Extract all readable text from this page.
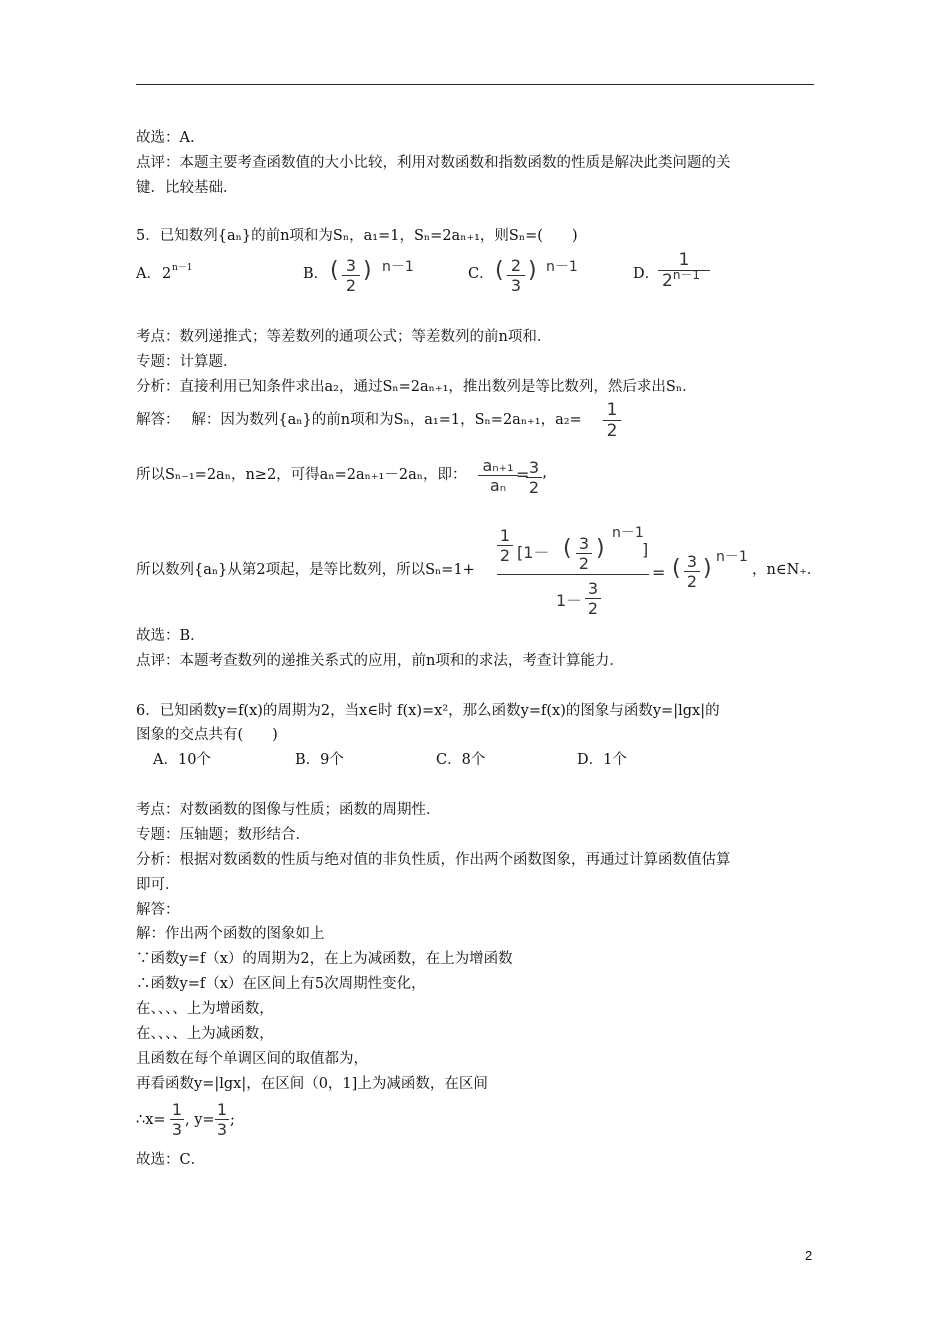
故选：A.
点评：本题主要考查函数值的大小比较，利用对数函数和指数函数的性质是解决此类问题的关
键．比较基础．
5．已知数列{aₙ}的前n项和为Sₙ，a₁=1，Sₙ=2aₙ₊₁，则Sₙ=(　　)
A． 2 n－1	B． ( 3
2
) n－1	C． ( 2
3
) n－1	D．
1
$2^{n-1}$
考点：数列递推式；等差数列的通项公式；等差数列的前n项和．
专题：计算题．
分析：直接利用已知条件求出a₂，通过Sₙ=2aₙ₊₁，推出数列是等比数列，然后求出Sₙ．
解答：　 解：因为数列{aₙ}的前n项和为Sₙ，a₁=1，Sₙ=2aₙ₊₁，a₂= 1
2
所以Sₙ₋₁=2aₙ，n≥2，可得aₙ=2aₙ₊₁－2aₙ，即： aₙ₊₁
aₙ
= 3
2
,
所以数列{aₙ}从第2项起，是等比数列，所以Sₙ=1+
1
2 [1－ ( 3
2
)
n－1
]
1－
3
2
= ( 3
2
) n－1
，n∈N₊．
故选：B．
点评：本题考查数列的递推关系式的应用，前n项和的求法，考查计算能力．
6．已知函数y=f(x)的周期为2，当x∈时 f(x)=x²，那么函数y=f(x)的图象与函数y=|lgx|的
图象的交点共有(　　)
A．10个	B．9个	C．8个	D．1个
考点：对数函数的图像与性质；函数的周期性．
专题：压轴题；数形结合．
分析：根据对数函数的性质与绝对值的非负性质，作出两个函数图象，再通过计算函数值估算
即可．
解答：
解：作出两个函数的图象如上
∵函数y=f（x）的周期为2，在上为减函数，在上为增函数
∴函数y=f（x）在区间上有5次周期性变化，
在、、、、上为增函数，
在、、、、上为减函数，
且函数在每个单调区间的取值都为，
再看函数y=|lgx|，在区间（0，1]上为减函数，在区间
∴x=
1
3 , y=
1
3 ;
故选：C．
2
